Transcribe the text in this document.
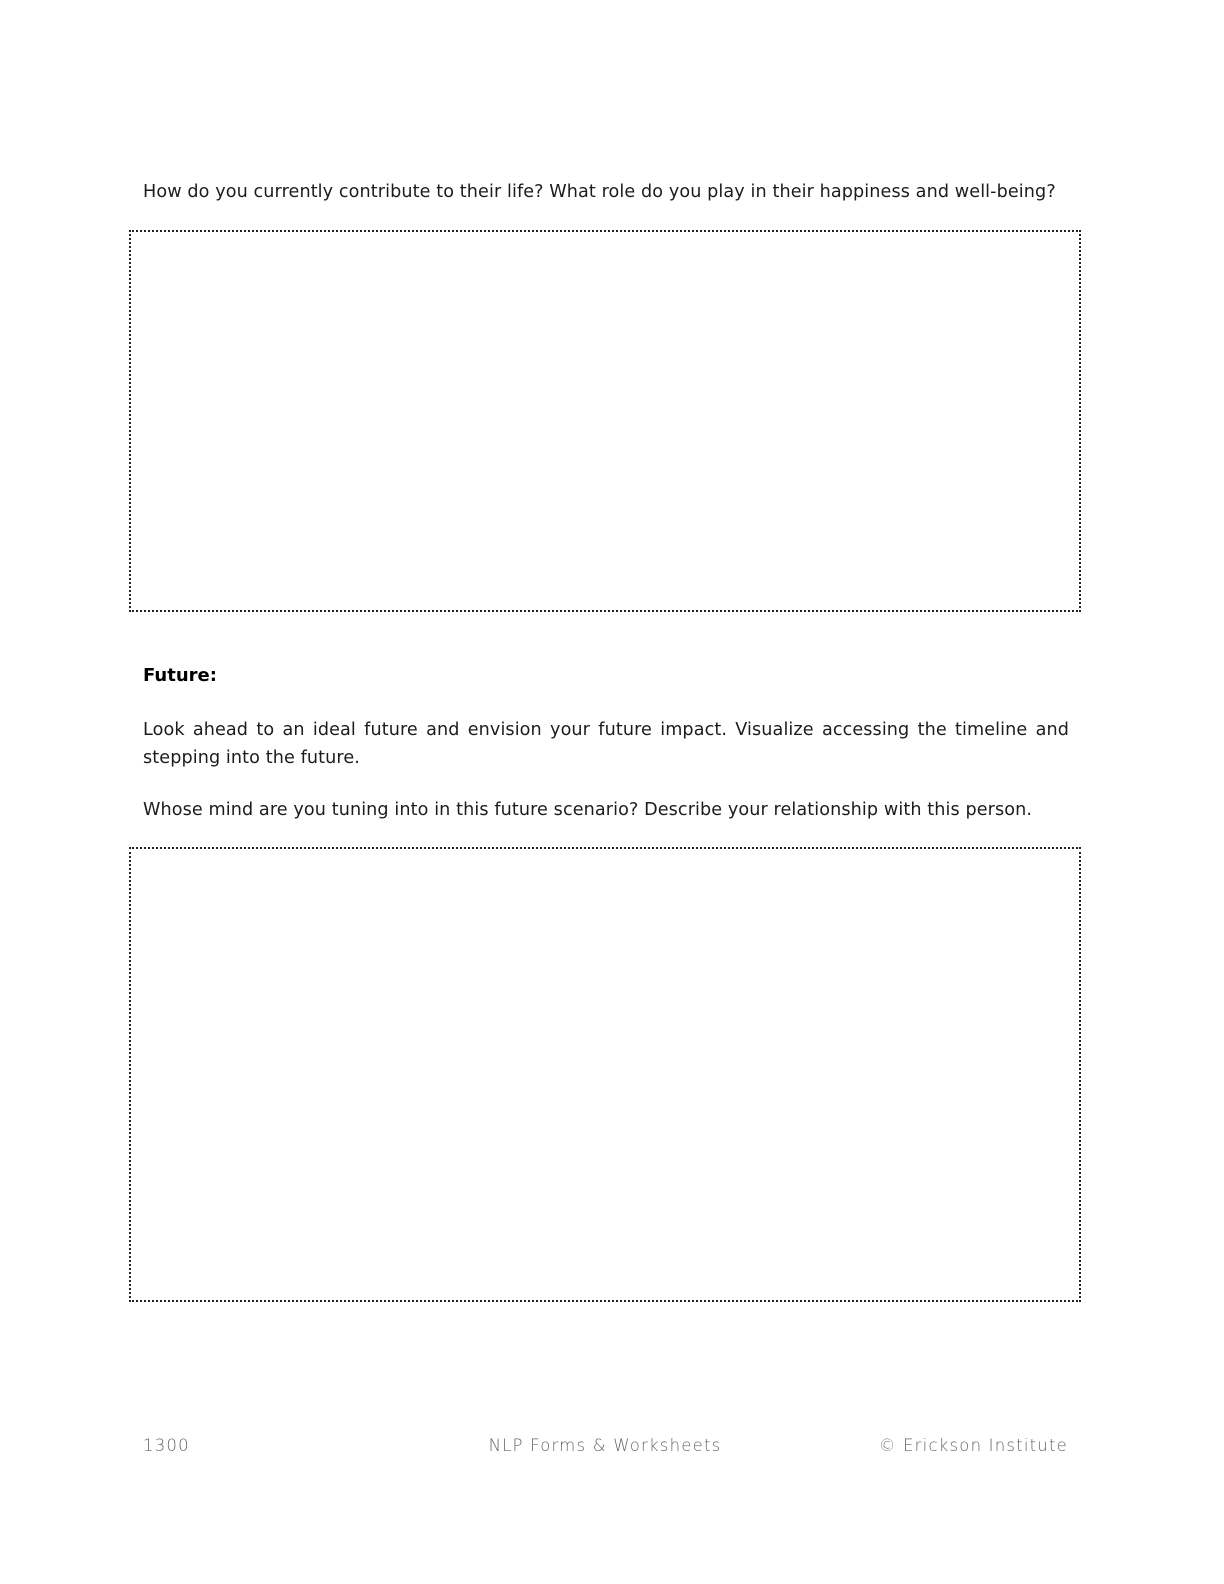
How do you currently contribute to their life? What role do you play in their happiness and well-being?

Future:

Look ahead to an ideal future and envision your future impact. Visualize accessing the timeline and stepping into the future.

Whose mind are you tuning into in this future scenario? Describe your relationship with this person.

1300	NLP Forms & Worksheets	© Erickson Institute
